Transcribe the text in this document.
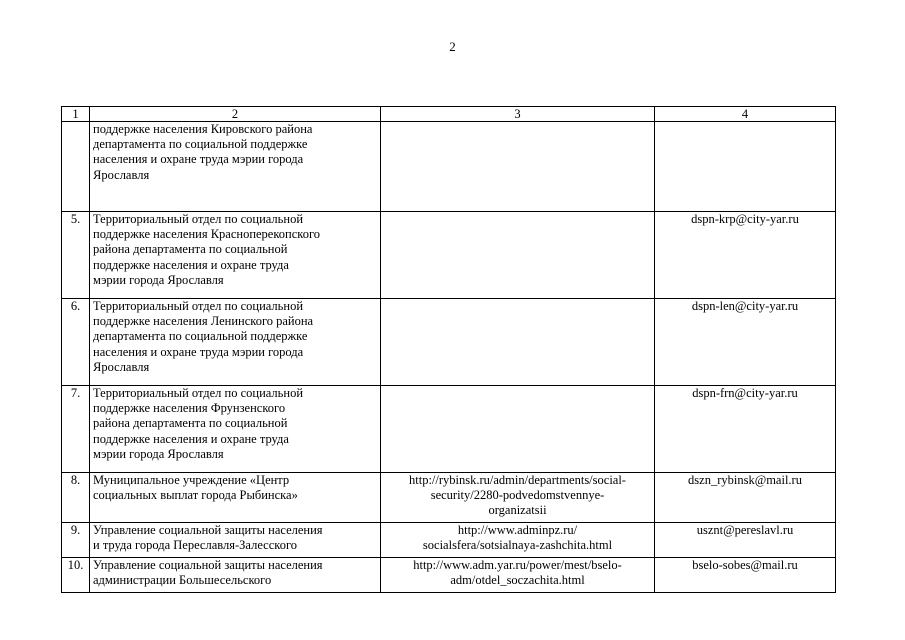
2
1	2	3	4
	поддержке населения Кировского района
департамента по социальной поддержке
населения и охране труда мэрии города
Ярославля		
5.	Территориальный отдел по социальной
поддержке населения Красноперекопского
района департамента по социальной
поддержке населения и охране труда
мэрии города Ярославля		dspn-krp@city-yar.ru
6.	Территориальный отдел по социальной
поддержке населения Ленинского района
департамента по социальной поддержке
населения и охране труда мэрии города
Ярославля		dspn-len@city-yar.ru
7.	Территориальный отдел по социальной
поддержке населения Фрунзенского
района департамента по социальной
поддержке населения и охране труда
мэрии города Ярославля		dspn-frn@city-yar.ru
8.	Муниципальное учреждение «Центр
социальных выплат города Рыбинска»	http://rybinsk.ru/admin/departments/social-
security/2280-podvedomstvennye-
organizatsii	dszn_rybinsk@mail.ru
9.	Управление социальной защиты населения
и труда города Переславля-Залесского	http://www.adminpz.ru/
socialsfera/sotsialnaya-zashchita.html	usznt@pereslavl.ru
10.	Управление социальной защиты населения
администрации Большесельского	http://www.adm.yar.ru/power/mest/bselo-
adm/otdel_soczachita.html	bselo-sobes@mail.ru
